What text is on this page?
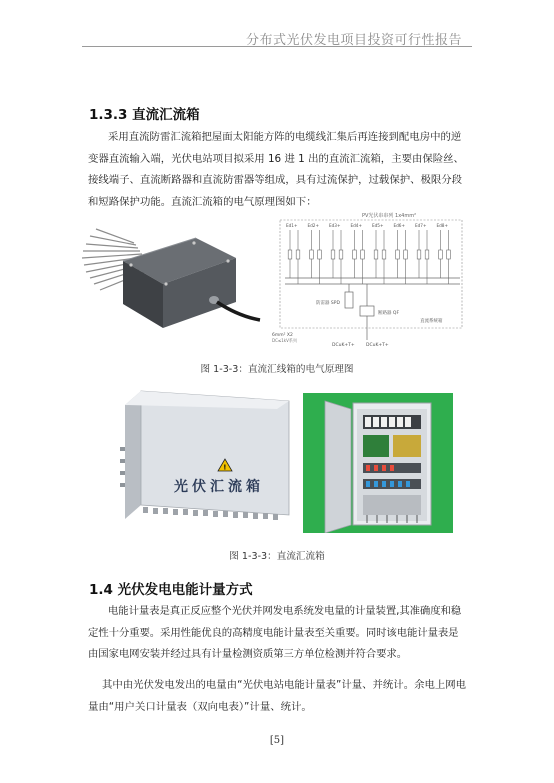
分布式光伏发电项目投资可行性报告
1.3.3 直流汇流箱
采用直流防雷汇流箱把屋面太阳能方阵的电缆线汇集后再连接到配电房中的逆变器直流输入端，光伏电站项目拟采用 16 进 1 出的直流汇流箱，主要由保险丝、接线端子、直流断路器和直流防雷器等组成，具有过流保护，过载保护、极限分段和短路保护功能。直流汇流箱的电气原理图如下：
PV光伏串串列 1x4mm²
Ed1+ Ed2+ Ed3+ Ed4+ Ed5+ Ed6+ Ed7+ Ed8+
防雷器 SPD
断路器 QF
直流系统箱
6mm² X2
DC≤1kV系列
DCuK+T+	DCuK+T+
图 1-3-3：直流汇线箱的电气原理图
!
光伏汇流箱
图 1-3-3：直流汇流箱
1.4 光伏发电电能计量方式
电能计量表是真正反应整个光伏并网发电系统发电量的计量装置,其准确度和稳定性十分重要。采用性能优良的高精度电能计量表至关重要。同时该电能计量表是由国家电网安装并经过具有计量检测资质第三方单位检测并符合要求。
其中由光伏发电发出的电量由“光伏电站电能计量表”计量、并统计。余电上网电量由“用户关口计量表（双向电表）”计量、统计。
[5]
